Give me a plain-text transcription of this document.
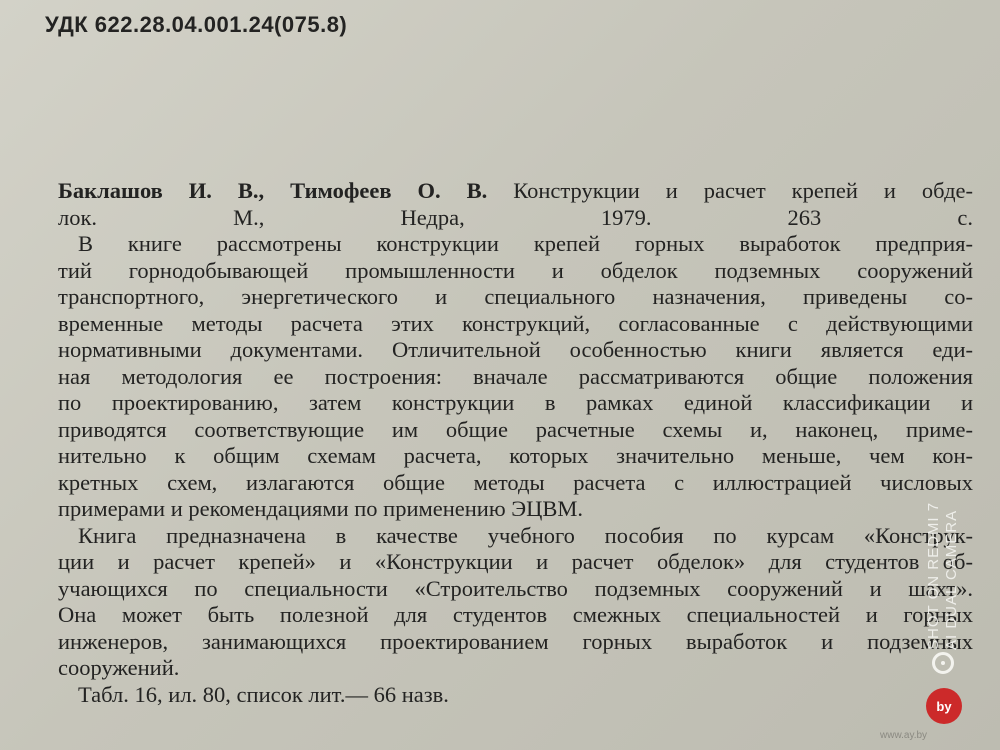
УДК 622.28.04.001.24(075.8)
Баклашов И. В., Тимофеев О. В. Конструкции и расчет крепей и обде-
лок. М., Недра, 1979. 263 с.
В книге рассмотрены конструкции крепей горных выработок предприя-
тий горнодобывающей промышленности и обделок подземных сооружений
транспортного, энергетического и специального назначения, приведены со-
временные методы расчета этих конструкций, согласованные с действующими
нормативными документами. Отличительной особенностью книги является еди-
ная методология ее построения: вначале рассматриваются общие положения
по проектированию, затем конструкции в рамках единой классификации и
приводятся соответствующие им общие расчетные схемы и, наконец, приме-
нительно к общим схемам расчета, которых значительно меньше, чем кон-
кретных схем, излагаются общие методы расчета с иллюстрацией числовых
примерами и рекомендациями по применению ЭЦВМ.
Книга предназначена в качестве учебного пособия по курсам «Конструк-
ции и расчет крепей» и «Конструкции и расчет обделок» для студентов об-
учающихся по специальности «Строительство подземных сооружений и шахт».
Она может быть полезной для студентов смежных специальностей и горных
инженеров, занимающихся проектированием горных выработок и подземных
сооружений.
Табл. 16, ил. 80, список лит.— 66 назв.
SHOT ON REDMI 7 AI DUAL CAMERA
by
www.ay.by
